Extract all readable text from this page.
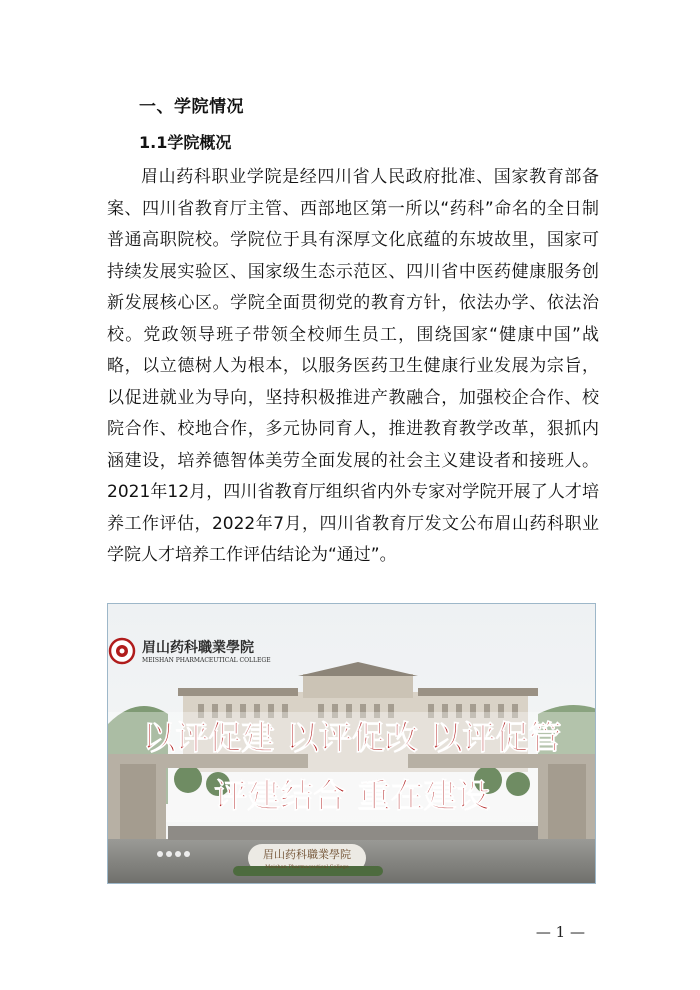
一、学院情况
1.1学院概况

眉山药科职业学院是经四川省人民政府批准、国家教育部备案、四川省教育厅主管、西部地区第一所以“药科”命名的全日制普通高职院校。学院位于具有深厚文化底蕴的东坡故里，国家可持续发展实验区、国家级生态示范区、四川省中医药健康服务创新发展核心区。学院全面贯彻党的教育方针，依法办学、依法治校。党政领导班子带领全校师生员工，围绕国家“健康中国”战略，以立德树人为根本，以服务医药卫生健康行业发展为宗旨，以促进就业为导向，坚持积极推进产教融合，加强校企合作、校院合作、校地合作，多元协同育人，推进教育教学改革，狠抓内涵建设，培养德智体美劳全面发展的社会主义建设者和接班人。2021年12月，四川省教育厅组织省内外专家对学院开展了人才培养工作评估，2022年7月，四川省教育厅发文公布眉山药科职业学院人才培养工作评估结论为“通过”。

眉山药科職業學院
Meishan Pharmaceutical College
眉山药科職業學院
MEISHAN PHARMACEUTICAL COLLEGE
以评促建 以评促改 以评促管
评建结合 重在建设
— 1 —
